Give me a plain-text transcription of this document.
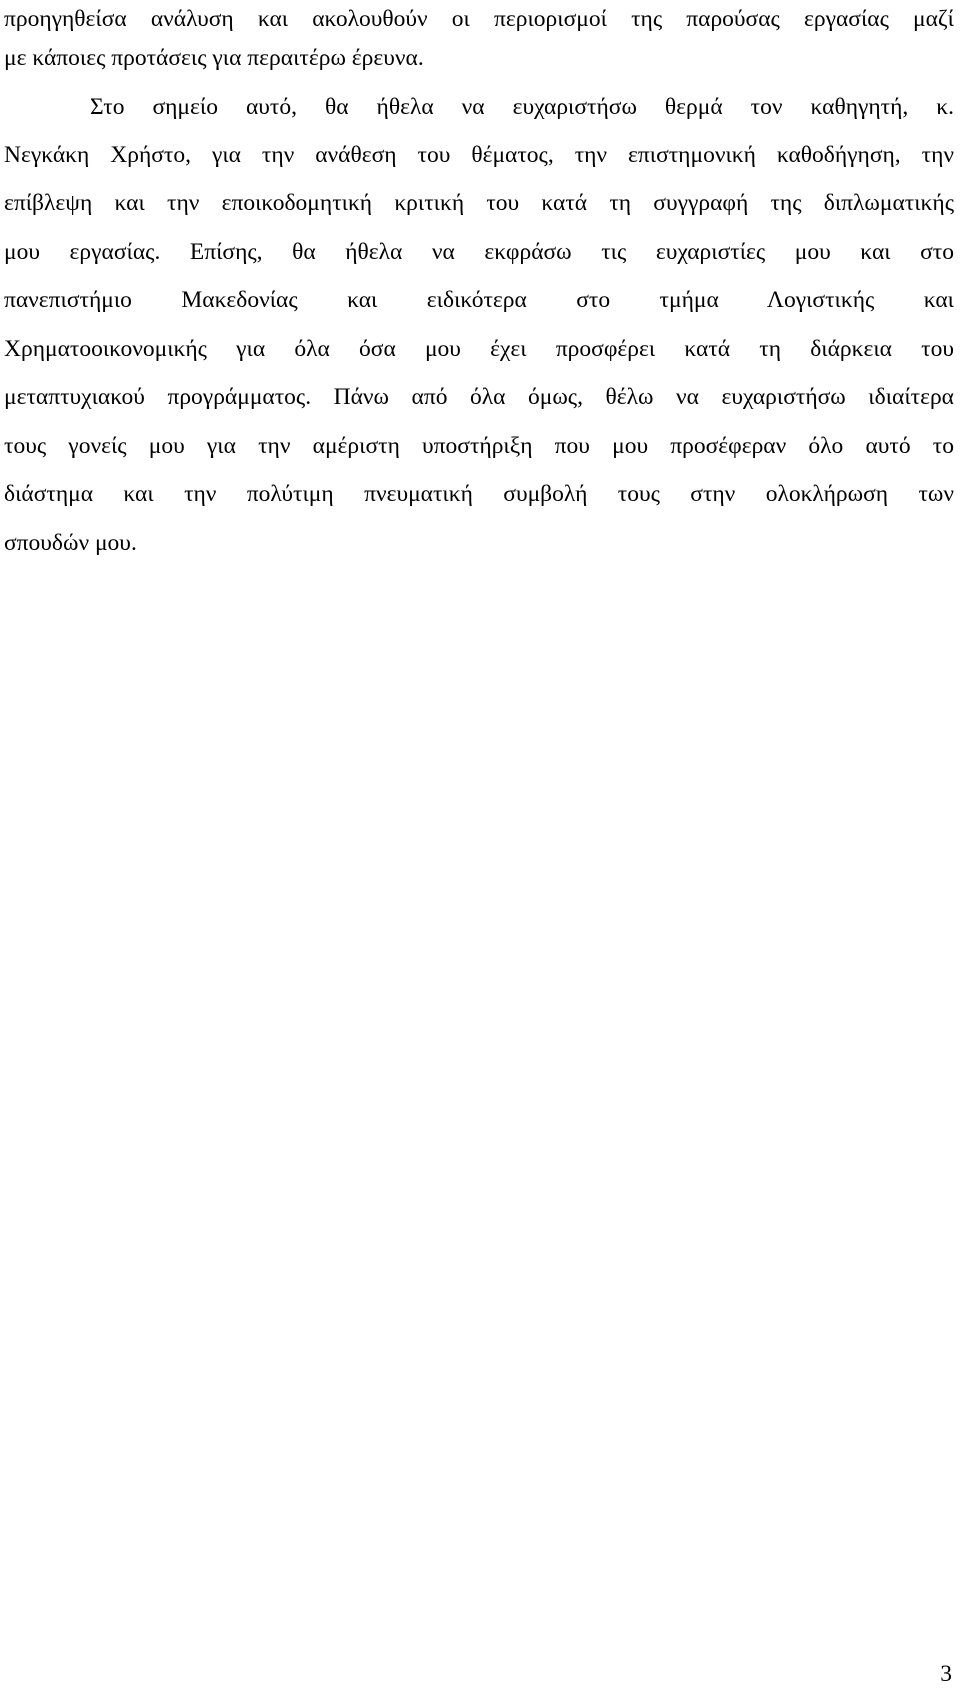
προηγηθείσα ανάλυση και ακολουθούν οι περιορισμοί της παρούσας εργασίας μαζί
με κάποιες προτάσεις για περαιτέρω έρευνα.
Στο σημείο αυτό, θα ήθελα να ευχαριστήσω θερμά τον καθηγητή, κ.
Νεγκάκη Χρήστο, για την ανάθεση του θέματος, την επιστημονική καθοδήγηση, την
επίβλεψη και την εποικοδομητική κριτική του κατά τη συγγραφή της διπλωματικής
μου εργασίας. Επίσης, θα ήθελα να εκφράσω τις ευχαριστίες μου και στο
πανεπιστήμιο Μακεδονίας και ειδικότερα στο τμήμα Λογιστικής και
Χρηματοοικονομικής για όλα όσα μου έχει προσφέρει κατά τη διάρκεια του
μεταπτυχιακού προγράμματος. Πάνω από όλα όμως, θέλω να ευχαριστήσω ιδιαίτερα
τους γονείς μου για την αμέριστη υποστήριξη που μου προσέφεραν όλο αυτό το
διάστημα και την πολύτιμη πνευματική συμβολή τους στην ολοκλήρωση των
σπουδών μου.
3
